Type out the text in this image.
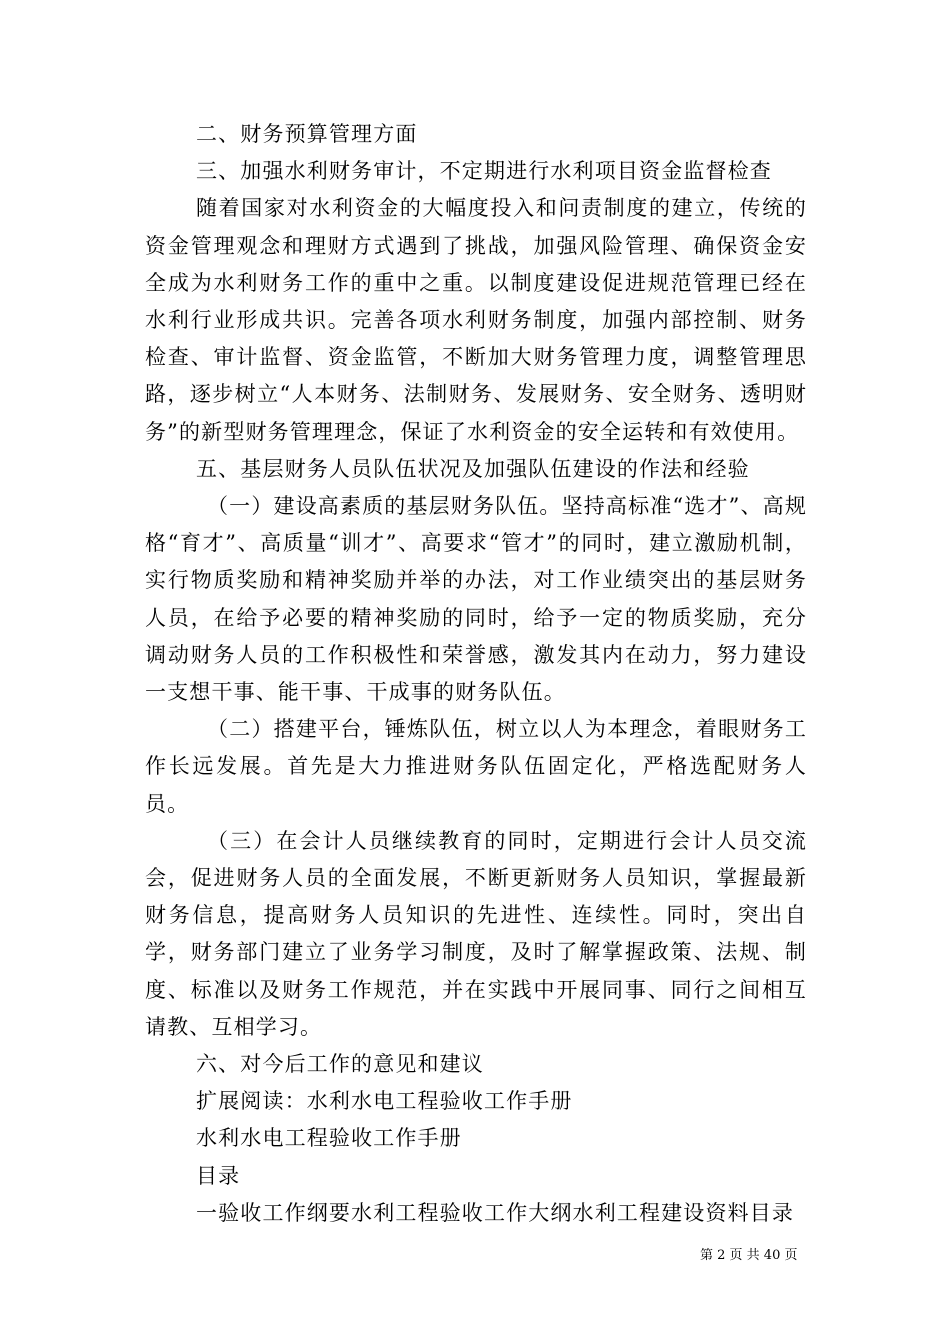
二、财务预算管理方面

三、加强水利财务审计，不定期进行水利项目资金监督检查

随着国家对水利资金的大幅度投入和问责制度的建立，传统的资金管理观念和理财方式遇到了挑战，加强风险管理、确保资金安全成为水利财务工作的重中之重。以制度建设促进规范管理已经在水利行业形成共识。完善各项水利财务制度，加强内部控制、财务检查、审计监督、资金监管，不断加大财务管理力度，调整管理思路，逐步树立“人本财务、法制财务、发展财务、安全财务、透明财务”的新型财务管理理念，保证了水利资金的安全运转和有效使用。

五、基层财务人员队伍状况及加强队伍建设的作法和经验

（一）建设高素质的基层财务队伍。坚持高标准“选才”、高规格“育才”、高质量“训才”、高要求“管才”的同时，建立激励机制，实行物质奖励和精神奖励并举的办法，对工作业绩突出的基层财务人员，在给予必要的精神奖励的同时，给予一定的物质奖励，充分调动财务人员的工作积极性和荣誉感，激发其内在动力，努力建设一支想干事、能干事、干成事的财务队伍。

（二）搭建平台，锤炼队伍，树立以人为本理念，着眼财务工作长远发展。首先是大力推进财务队伍固定化，严格选配财务人员。

（三）在会计人员继续教育的同时，定期进行会计人员交流会，促进财务人员的全面发展，不断更新财务人员知识，掌握最新财务信息，提高财务人员知识的先进性、连续性。同时，突出自学，财务部门建立了业务学习制度，及时了解掌握政策、法规、制度、标准以及财务工作规范，并在实践中开展同事、同行之间相互请教、互相学习。

六、对今后工作的意见和建议

扩展阅读：水利水电工程验收工作手册

水利水电工程验收工作手册

目录

一验收工作纲要水利工程验收工作大纲水利工程建设资料目录

第 2 页 共 40 页
